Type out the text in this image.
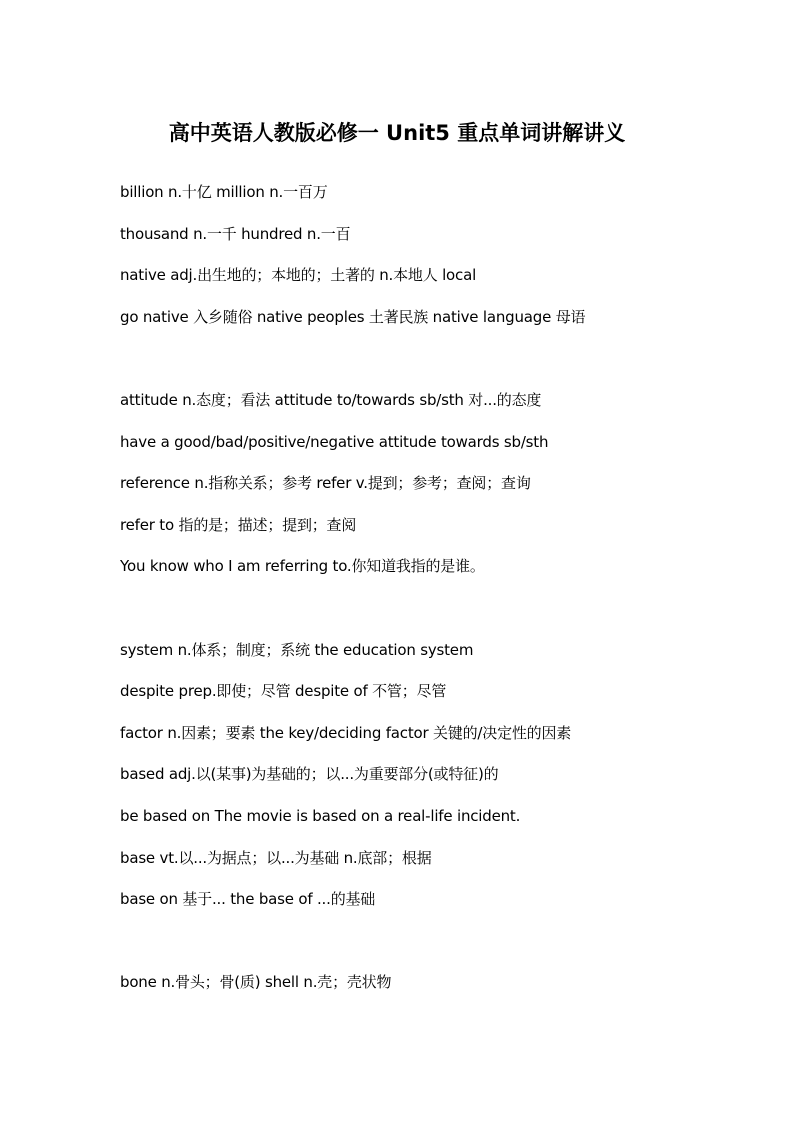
高中英语人教版必修一 Unit5 重点单词讲解讲义
billion n.十亿 million n.一百万
thousand n.一千 hundred n.一百
native adj.出生地的；本地的；土著的 n.本地人 local
go native 入乡随俗 native peoples 土著民族 native language 母语
attitude n.态度；看法 attitude to/towards sb/sth 对...的态度
have a good/bad/positive/negative attitude towards sb/sth
reference n.指称关系；参考 refer v.提到；参考；查阅；查询
refer to 指的是；描述；提到；查阅
You know who I am referring to.你知道我指的是谁。
system n.体系；制度；系统 the education system
despite prep.即使；尽管 despite of 不管；尽管
factor n.因素；要素 the key/deciding factor 关键的/决定性的因素
based adj.以(某事)为基础的；以...为重要部分(或特征)的
be based on The movie is based on a real-life incident.
base vt.以...为据点；以...为基础 n.底部；根据
base on 基于... the base of ...的基础
bone n.骨头；骨(质) shell n.壳；壳状物
